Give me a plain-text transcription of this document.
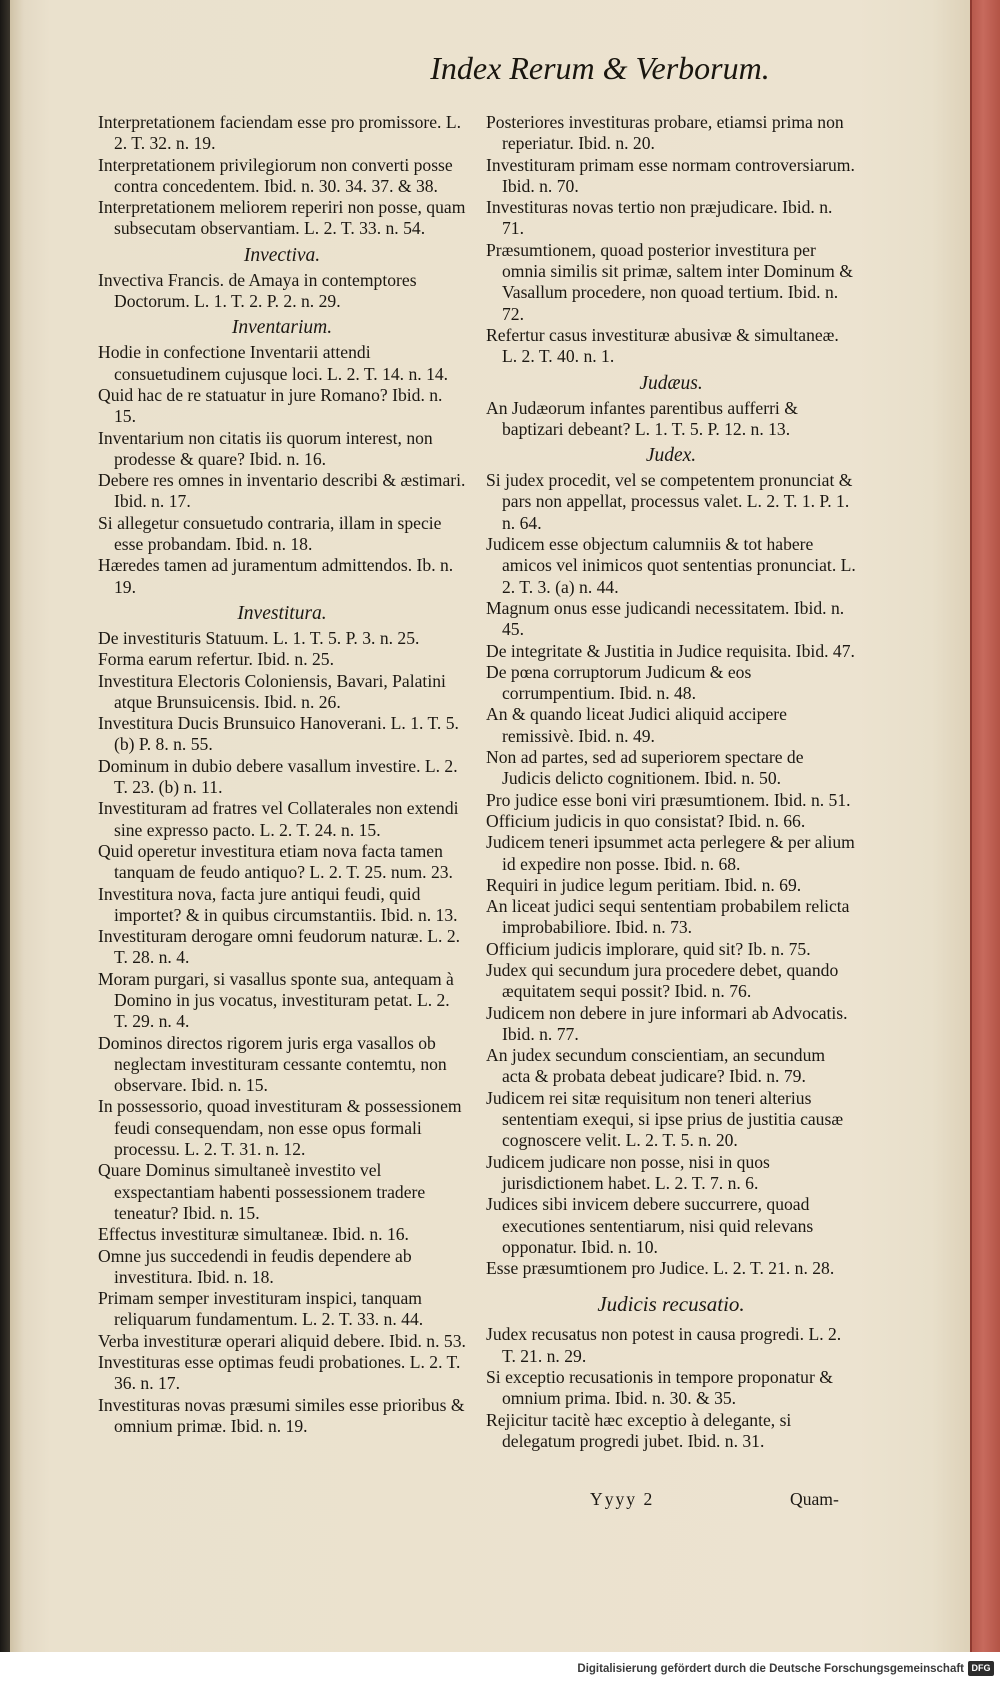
Index Rerum & Verborum.

Interpretationem faciendam esse pro promissore. L. 2. T. 32. n. 19.

Interpretationem privilegiorum non converti posse contra concedentem. Ibid. n. 30. 34. 37. & 38.

Interpretationem meliorem reperiri non posse, quam subsecutam observantiam. L. 2. T. 33. n. 54.

Invectiva.

Invectiva Francis. de Amaya in contemptores Doctorum. L. 1. T. 2. P. 2. n. 29.

Inventarium.

Hodie in confectione Inventarii attendi consuetudinem cujusque loci. L. 2. T. 14. n. 14.

Quid hac de re statuatur in jure Romano? Ibid. n. 15.

Inventarium non citatis iis quorum interest, non prodesse & quare? Ibid. n. 16.

Debere res omnes in inventario describi & æstimari. Ibid. n. 17.

Si allegetur consuetudo contraria, illam in specie esse probandam. Ibid. n. 18.

Hæredes tamen ad juramentum admittendos. Ib. n. 19.

Investitura.

De investituris Statuum. L. 1. T. 5. P. 3. n. 25.

Forma earum refertur. Ibid. n. 25.

Investitura Electoris Coloniensis, Bavari, Palatini atque Brunsuicensis. Ibid. n. 26.

Investitura Ducis Brunsuico Hanoverani. L. 1. T. 5. (b) P. 8. n. 55.

Dominum in dubio debere vasallum investire. L. 2. T. 23. (b) n. 11.

Investituram ad fratres vel Collaterales non extendi sine expresso pacto. L. 2. T. 24. n. 15.

Quid operetur investitura etiam nova facta tamen tanquam de feudo antiquo? L. 2. T. 25. num. 23.

Investitura nova, facta jure antiqui feudi, quid importet? & in quibus circumstantiis. Ibid. n. 13.

Investituram derogare omni feudorum naturæ. L. 2. T. 28. n. 4.

Moram purgari, si vasallus sponte sua, antequam à Domino in jus vocatus, investituram petat. L. 2. T. 29. n. 4.

Dominos directos rigorem juris erga vasallos ob neglectam investituram cessante contemtu, non observare. Ibid. n. 15.

In possessorio, quoad investituram & possessionem feudi consequendam, non esse opus formali processu. L. 2. T. 31. n. 12.

Quare Dominus simultaneè investito vel exspectantiam habenti possessionem tradere teneatur? Ibid. n. 15.

Effectus investituræ simultaneæ. Ibid. n. 16.

Omne jus succedendi in feudis dependere ab investitura. Ibid. n. 18.

Primam semper investituram inspici, tanquam reliquarum fundamentum. L. 2. T. 33. n. 44.

Verba investituræ operari aliquid debere. Ibid. n. 53.

Investituras esse optimas feudi probationes. L. 2. T. 36. n. 17.

Investituras novas præsumi similes esse prioribus & omnium primæ. Ibid. n. 19.

Posteriores investituras probare, etiamsi prima non reperiatur. Ibid. n. 20.

Investituram primam esse normam controversiarum. Ibid. n. 70.

Investituras novas tertio non præjudicare. Ibid. n. 71.

Præsumtionem, quoad posterior investitura per omnia similis sit primæ, saltem inter Dominum & Vasallum procedere, non quoad tertium. Ibid. n. 72.

Refertur casus investituræ abusivæ & simultaneæ. L. 2. T. 40. n. 1.

Judæus.

An Judæorum infantes parentibus aufferri & baptizari debeant? L. 1. T. 5. P. 12. n. 13.

Judex.

Si judex procedit, vel se competentem pronunciat & pars non appellat, processus valet. L. 2. T. 1. P. 1. n. 64.

Judicem esse objectum calumniis & tot habere amicos vel inimicos quot sententias pronunciat. L. 2. T. 3. (a) n. 44.

Magnum onus esse judicandi necessitatem. Ibid. n. 45.

De integritate & Justitia in Judice requisita. Ibid. 47.

De pœna corruptorum Judicum & eos corrumpentium. Ibid. n. 48.

An & quando liceat Judici aliquid accipere remissivè. Ibid. n. 49.

Non ad partes, sed ad superiorem spectare de Judicis delicto cognitionem. Ibid. n. 50.

Pro judice esse boni viri præsumtionem. Ibid. n. 51.

Officium judicis in quo consistat? Ibid. n. 66.

Judicem teneri ipsummet acta perlegere & per alium id expedire non posse. Ibid. n. 68.

Requiri in judice legum peritiam. Ibid. n. 69.

An liceat judici sequi sententiam probabilem relicta improbabiliore. Ibid. n. 73.

Officium judicis implorare, quid sit? Ib. n. 75.

Judex qui secundum jura procedere debet, quando æquitatem sequi possit? Ibid. n. 76.

Judicem non debere in jure informari ab Advocatis. Ibid. n. 77.

An judex secundum conscientiam, an secundum acta & probata debeat judicare? Ibid. n. 79.

Judicem rei sitæ requisitum non teneri alterius sententiam exequi, si ipse prius de justitia causæ cognoscere velit. L. 2. T. 5. n. 20.

Judicem judicare non posse, nisi in quos jurisdictionem habet. L. 2. T. 7. n. 6.

Judices sibi invicem debere succurrere, quoad executiones sententiarum, nisi quid relevans opponatur. Ibid. n. 10.

Esse præsumtionem pro Judice. L. 2. T. 21. n. 28.

Judicis recusatio.

Judex recusatus non potest in causa progredi. L. 2. T. 21. n. 29.

Si exceptio recusationis in tempore proponatur & omnium prima. Ibid. n. 30. & 35.

Rejicitur tacitè hæc exceptio à delegante, si delegatum progredi jubet. Ibid. n. 31.

Yyyy 2	Quam-
Digitalisierung gefördert durch die Deutsche Forschungsgemeinschaft DFG
